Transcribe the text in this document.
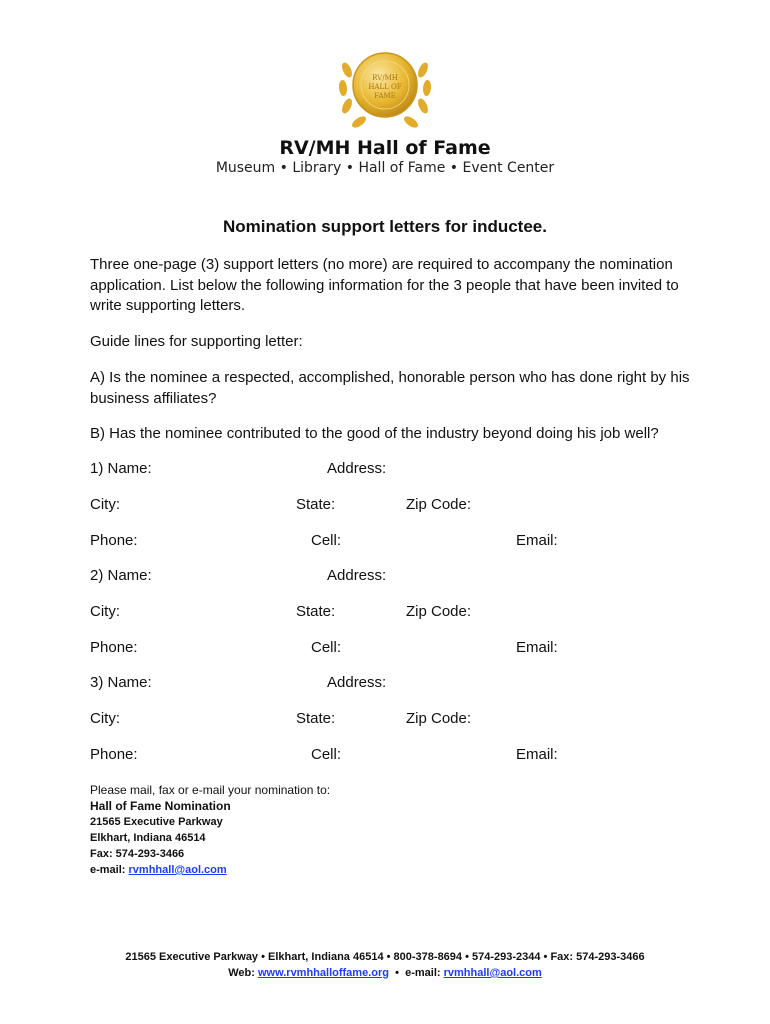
RV/MH
HALL OF
FAME
RV/MH Hall of Fame
Museum • Library • Hall of Fame • Event Center
Nomination support letters for inductee.
Three one-page (3) support letters (no more) are required to accompany the nomination application. List below the following information for the 3 people that have been invited to write supporting letters.
Guide lines for supporting letter:
A) Is the nominee a respected, accomplished, honorable person who has done right by his business affiliates?
B) Has the nominee contributed to the good of the industry beyond doing his job well?
1) Name:	Address:
City:	State:	Zip Code:
Phone:	Cell:	Email:
2) Name:	Address:
City:	State:	Zip Code:
Phone:	Cell:	Email:
3) Name:	Address:
City:	State:	Zip Code:
Phone:	Cell:	Email:
Please mail, fax or e-mail your nomination to:
Hall of Fame Nomination
21565 Executive Parkway
Elkhart, Indiana 46514
Fax: 574-293-3466
e-mail: rvmhhall@aol.com
21565 Executive Parkway • Elkhart, Indiana 46514 • 800-378-8694 • 574-293-2344 • Fax: 574-293-3466
Web: www.rvmhhalloffame.org • e-mail: rvmhhall@aol.com
